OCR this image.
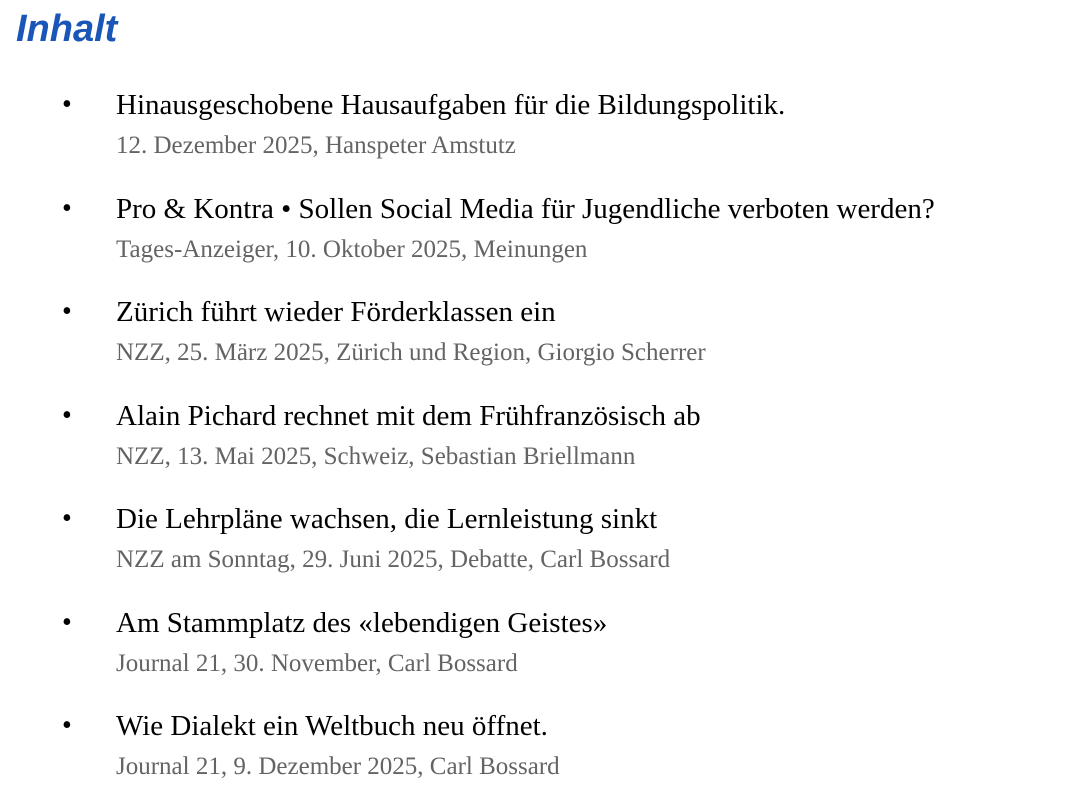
Inhalt
• Hinausgeschobene Hausaufgaben für die Bildungspolitik.
12. Dezember 2025, Hanspeter Amstutz
• Pro & Kontra • Sollen Social Media für Jugendliche verboten werden?
Tages-Anzeiger, 10. Oktober 2025, Meinungen
• Zürich führt wieder Förderklassen ein
NZZ, 25. März 2025, Zürich und Region, Giorgio Scherrer
• Alain Pichard rechnet mit dem Frühfranzösisch ab
NZZ, 13. Mai 2025, Schweiz, Sebastian Briellmann
• Die Lehrpläne wachsen, die Lernleistung sinkt
NZZ am Sonntag, 29. Juni 2025, Debatte, Carl Bossard
• Am Stammplatz des «lebendigen Geistes»
Journal 21, 30. November, Carl Bossard
• Wie Dialekt ein Weltbuch neu öffnet.
Journal 21, 9. Dezember 2025, Carl Bossard
